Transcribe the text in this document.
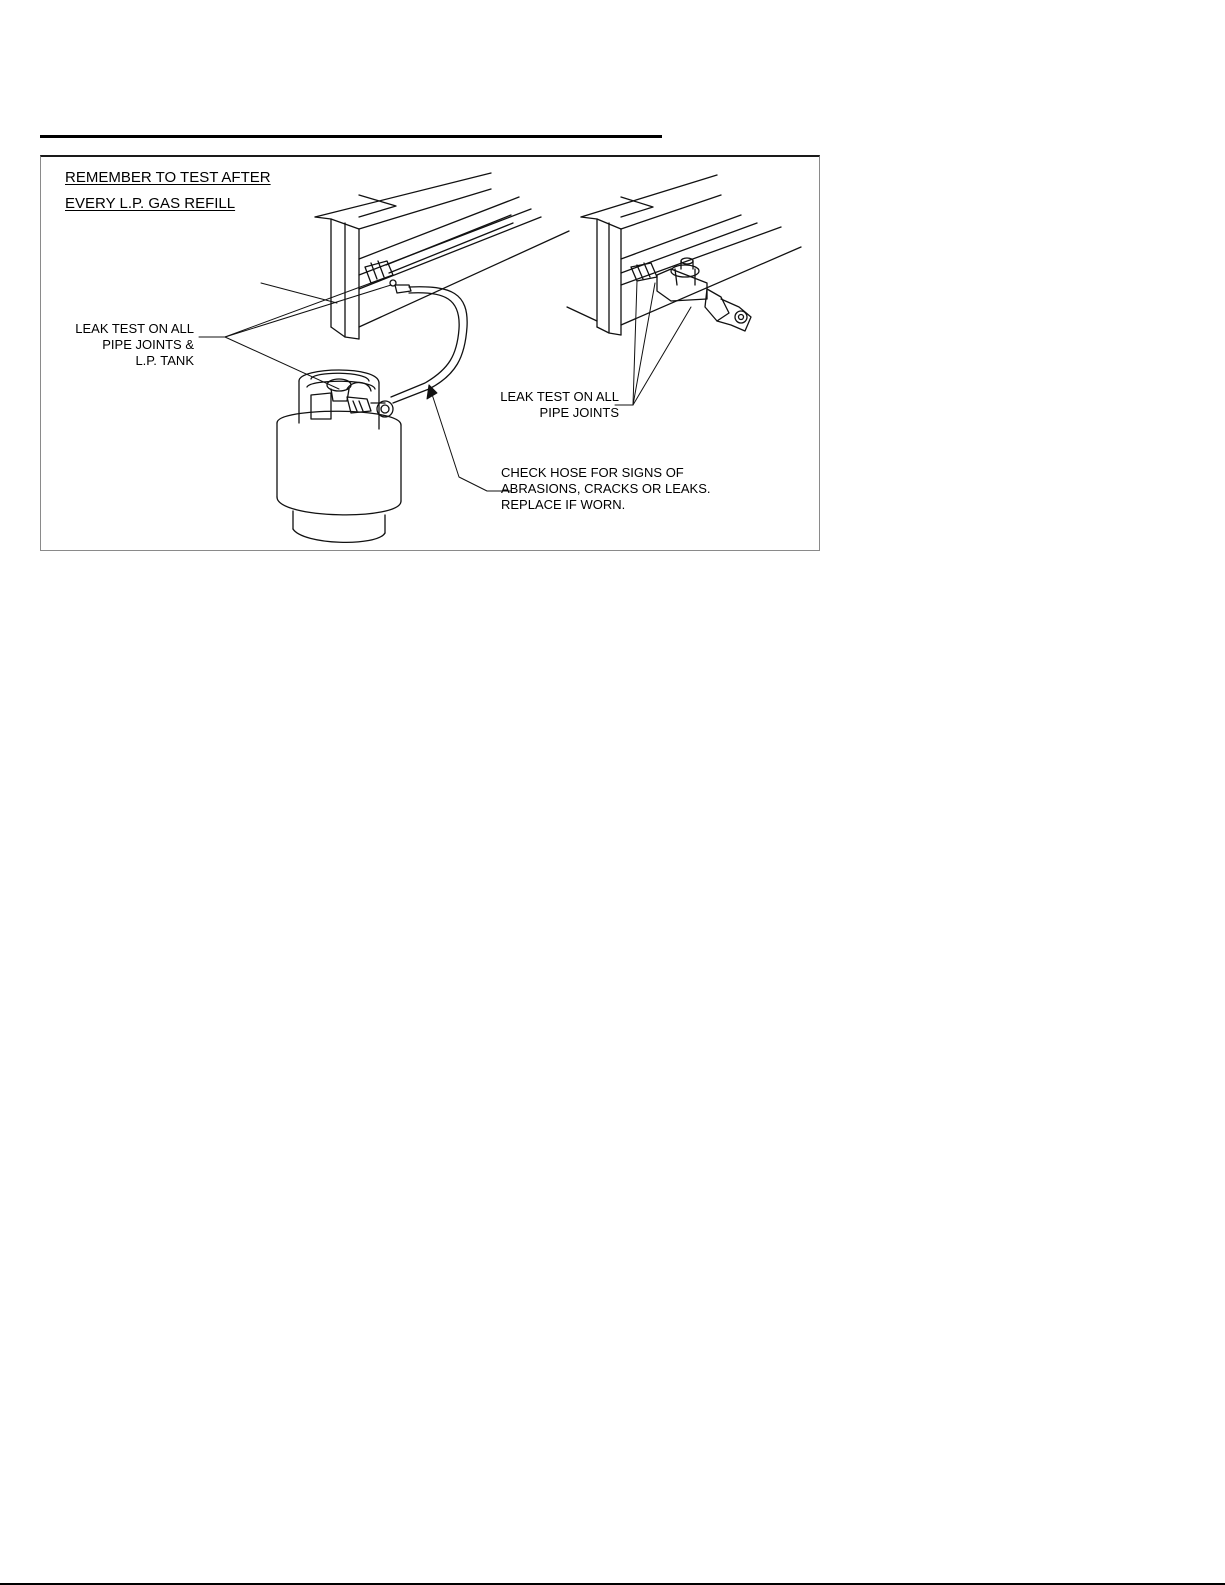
REMEMBER TO TEST AFTER
EVERY L.P. GAS REFILL
LEAK TEST ON ALL
PIPE JOINTS &
L.P. TANK
LEAK TEST ON ALL
PIPE JOINTS
CHECK HOSE FOR SIGNS OF
ABRASIONS, CRACKS OR LEAKS.
REPLACE IF WORN.
